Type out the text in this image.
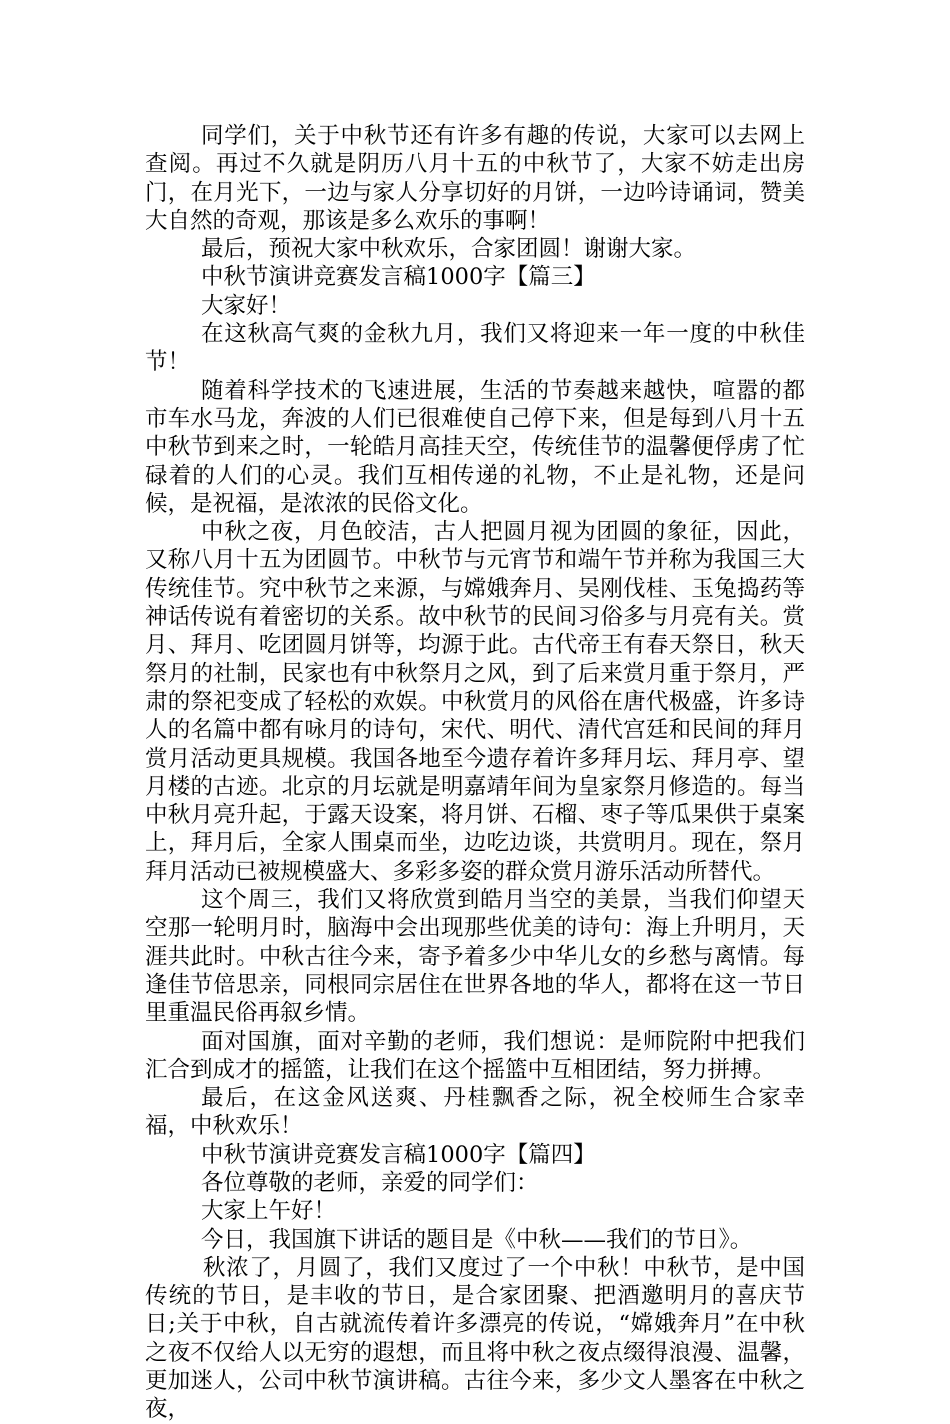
同学们，关于中秋节还有许多有趣的传说，大家可以去网上查阅。再过不久就是阴历八月十五的中秋节了，大家不妨走出房门，在月光下，一边与家人分享切好的月饼，一边吟诗诵词，赞美大自然的奇观，那该是多么欢乐的事啊！

最后，预祝大家中秋欢乐，合家团圆！谢谢大家。

中秋节演讲竞赛发言稿1000字【篇三】

大家好！

在这秋高气爽的金秋九月，我们又将迎来一年一度的中秋佳节！

随着科学技术的飞速进展，生活的节奏越来越快，喧嚣的都市车水马龙，奔波的人们已很难使自己停下来，但是每到八月十五中秋节到来之时，一轮皓月高挂天空，传统佳节的温馨便俘虏了忙碌着的人们的心灵。我们互相传递的礼物，不止是礼物，还是问候，是祝福，是浓浓的民俗文化。

中秋之夜，月色皎洁，古人把圆月视为团圆的象征，因此，又称八月十五为团圆节。中秋节与元宵节和端午节并称为我国三大传统佳节。究中秋节之来源，与嫦娥奔月、吴刚伐桂、玉兔捣药等神话传说有着密切的关系。故中秋节的民间习俗多与月亮有关。赏月、拜月、吃团圆月饼等，均源于此。古代帝王有春天祭日，秋天祭月的社制，民家也有中秋祭月之风，到了后来赏月重于祭月，严肃的祭祀变成了轻松的欢娱。中秋赏月的风俗在唐代极盛，许多诗人的名篇中都有咏月的诗句，宋代、明代、清代宫廷和民间的拜月赏月活动更具规模。我国各地至今遗存着许多拜月坛、拜月亭、望月楼的古迹。北京的月坛就是明嘉靖年间为皇家祭月修造的。每当中秋月亮升起，于露天设案，将月饼、石榴、枣子等瓜果供于桌案上，拜月后，全家人围桌而坐，边吃边谈，共赏明月。现在，祭月拜月活动已被规模盛大、多彩多姿的群众赏月游乐活动所替代。

这个周三，我们又将欣赏到皓月当空的美景，当我们仰望天空那一轮明月时，脑海中会出现那些优美的诗句：海上升明月，天涯共此时。中秋古往今来，寄予着多少中华儿女的乡愁与离情。每逢佳节倍思亲，同根同宗居住在世界各地的华人，都将在这一节日里重温民俗再叙乡情。

面对国旗，面对辛勤的老师，我们想说：是师院附中把我们汇合到成才的摇篮，让我们在这个摇篮中互相团结，努力拼搏。

最后，在这金风送爽、丹桂飘香之际，祝全校师生合家幸福，中秋欢乐！

中秋节演讲竞赛发言稿1000字【篇四】

各位尊敬的老师，亲爱的同学们：

大家上午好！

今日，我国旗下讲话的题目是《中秋——我们的节日》。

秋浓了，月圆了，我们又度过了一个中秋！中秋节，是中国传统的节日，是丰收的节日，是合家团聚、把酒邀明月的喜庆节日;关于中秋，自古就流传着许多漂亮的传说，“嫦娥奔月”在中秋之夜不仅给人以无穷的遐想，而且将中秋之夜点缀得浪漫、温馨，更加迷人，公司中秋节演讲稿。古往今来，多少文人墨客在中秋之夜，
